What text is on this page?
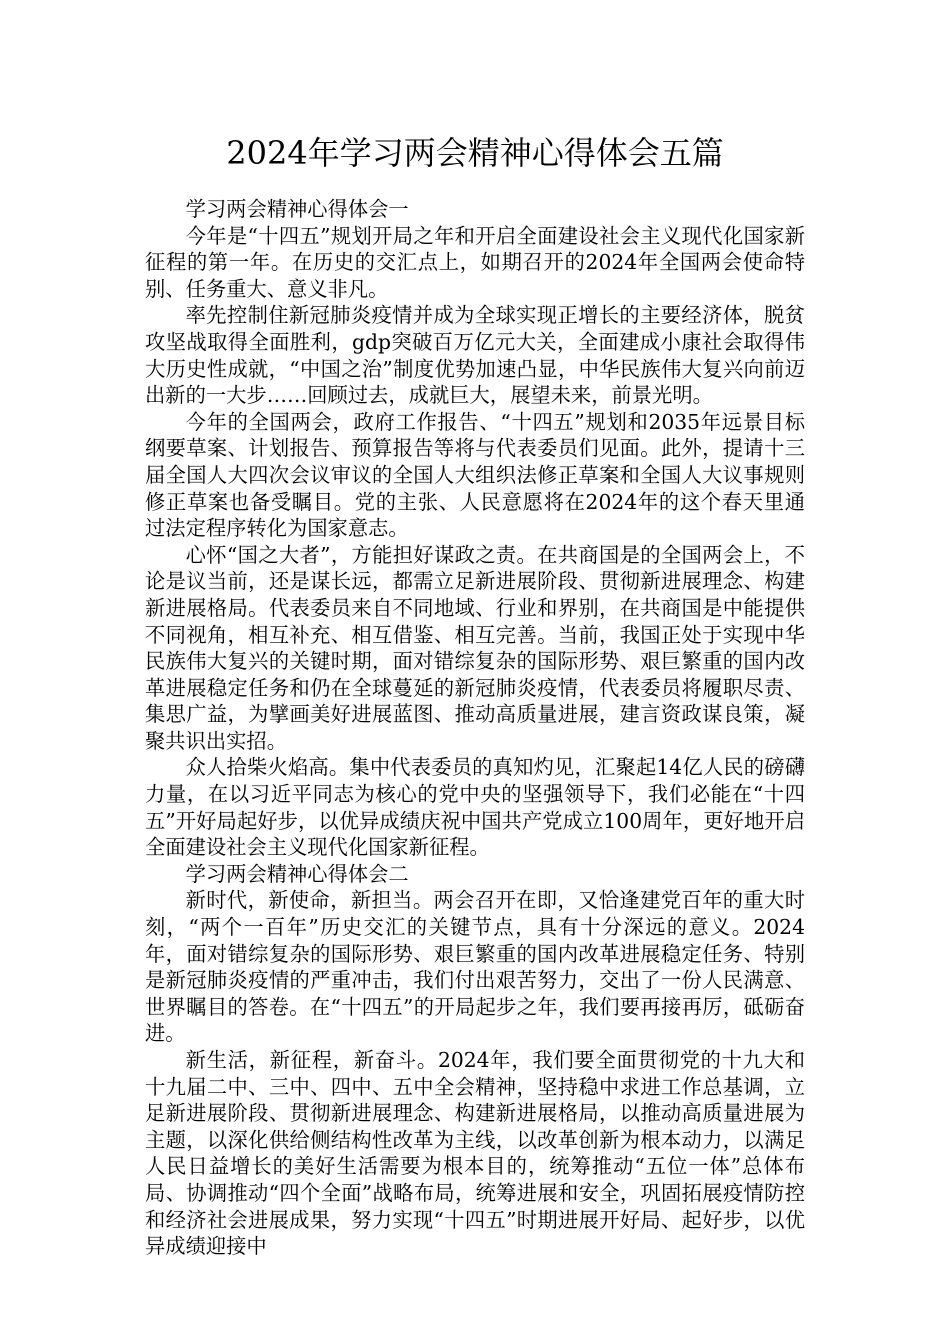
2024年学习两会精神心得体会五篇

学习两会精神心得体会一

今年是“十四五”规划开局之年和开启全面建设社会主义现代化国家新征程的第一年。在历史的交汇点上，如期召开的2024年全国两会使命特别、任务重大、意义非凡。

率先控制住新冠肺炎疫情并成为全球实现正增长的主要经济体，脱贫攻坚战取得全面胜利，gdp突破百万亿元大关，全面建成小康社会取得伟大历史性成就，“中国之治”制度优势加速凸显，中华民族伟大复兴向前迈出新的一大步……回顾过去，成就巨大，展望未来，前景光明。

今年的全国两会，政府工作报告、“十四五”规划和2035年远景目标纲要草案、计划报告、预算报告等将与代表委员们见面。此外，提请十三届全国人大四次会议审议的全国人大组织法修正草案和全国人大议事规则修正草案也备受瞩目。党的主张、人民意愿将在2024年的这个春天里通过法定程序转化为国家意志。

心怀“国之大者”，方能担好谋政之责。在共商国是的全国两会上，不论是议当前，还是谋长远，都需立足新进展阶段、贯彻新进展理念、构建新进展格局。代表委员来自不同地域、行业和界别，在共商国是中能提供不同视角，相互补充、相互借鉴、相互完善。当前，我国正处于实现中华民族伟大复兴的关键时期，面对错综复杂的国际形势、艰巨繁重的国内改革进展稳定任务和仍在全球蔓延的新冠肺炎疫情，代表委员将履职尽责、集思广益，为擘画美好进展蓝图、推动高质量进展，建言资政谋良策，凝聚共识出实招。

众人拾柴火焰高。集中代表委员的真知灼见，汇聚起14亿人民的磅礴力量，在以习近平同志为核心的党中央的坚强领导下，我们必能在“十四五”开好局起好步，以优异成绩庆祝中国共产党成立100周年，更好地开启全面建设社会主义现代化国家新征程。

学习两会精神心得体会二

新时代，新使命，新担当。两会召开在即，又恰逢建党百年的重大时刻，“两个一百年”历史交汇的关键节点，具有十分深远的意义。2024年，面对错综复杂的国际形势、艰巨繁重的国内改革进展稳定任务、特别是新冠肺炎疫情的严重冲击，我们付出艰苦努力，交出了一份人民满意、世界瞩目的答卷。在“十四五”的开局起步之年，我们要再接再厉，砥砺奋进。

新生活，新征程，新奋斗。2024年，我们要全面贯彻党的十九大和十九届二中、三中、四中、五中全会精神，坚持稳中求进工作总基调，立足新进展阶段、贯彻新进展理念、构建新进展格局，以推动高质量进展为主题，以深化供给侧结构性改革为主线，以改革创新为根本动力，以满足人民日益增长的美好生活需要为根本目的，统筹推动“五位一体”总体布局、协调推动“四个全面”战略布局，统筹进展和安全，巩固拓展疫情防控和经济社会进展成果，努力实现“十四五”时期进展开好局、起好步，以优异成绩迎接中
